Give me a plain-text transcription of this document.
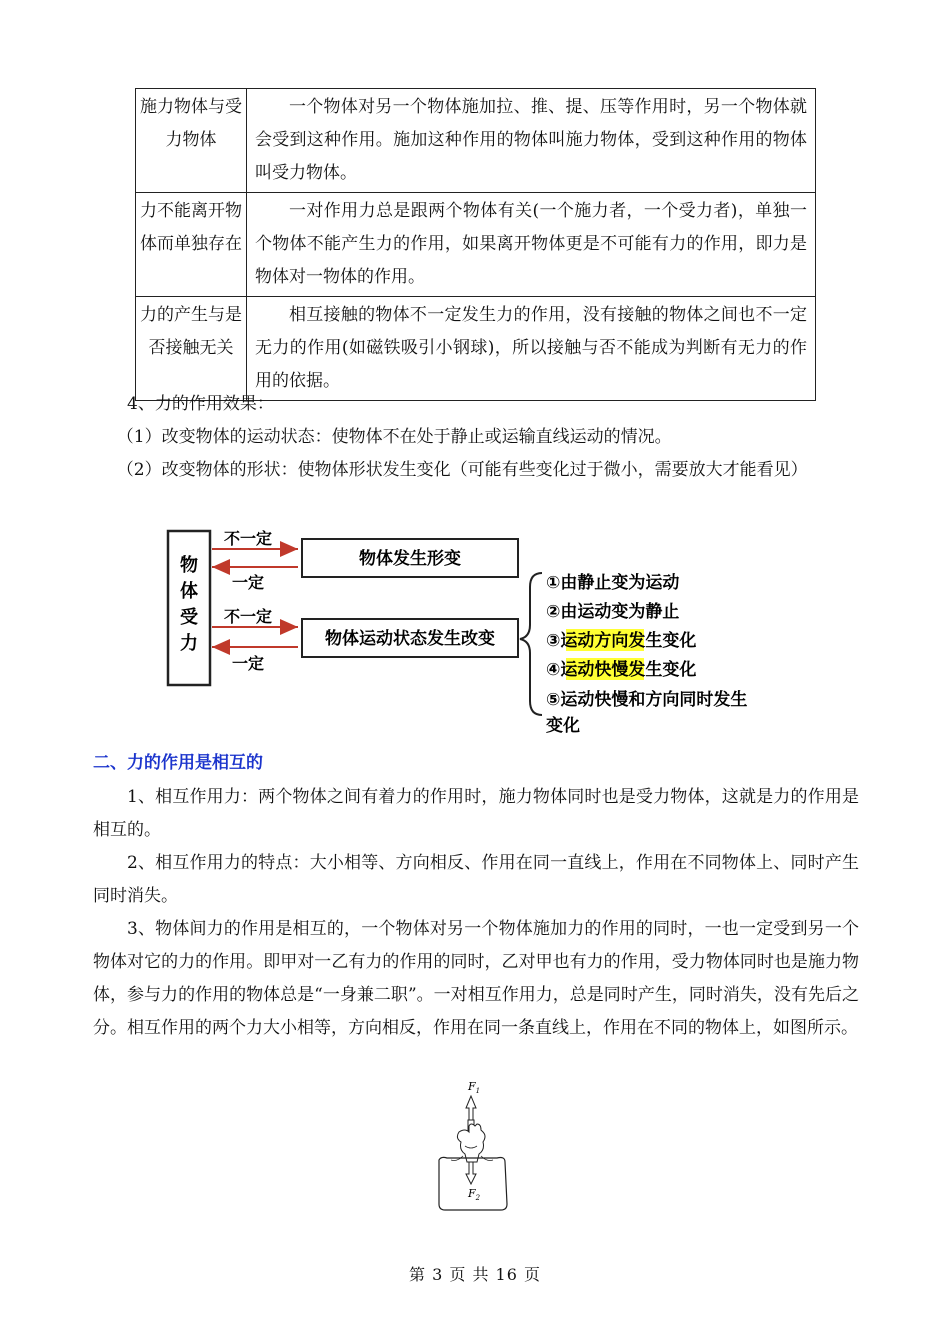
施力物体与受力物体	一个物体对另一个物体施加拉、推、提、压等作用时，另一个物体就会受到这种作用。施加这种作用的物体叫施力物体，受到这种作用的物体叫受力物体。
力不能离开物体而单独存在	一对作用力总是跟两个物体有关(一个施力者，一个受力者)，单独一个物体不能产生力的作用，如果离开物体更是不可能有力的作用，即力是物体对一物体的作用。
力的产生与是否接触无关	相互接触的物体不一定发生力的作用，没有接触的物体之间也不一定无力的作用(如磁铁吸引小钢球)，所以接触与否不能成为判断有无力的作用的依据。

4、力的作用效果：

（1）改变物体的运动状态：使物体不在处于静止或运输直线运动的情况。

（2）改变物体的形状：使物体形状发生变化（可能有些变化过于微小，需要放大才能看见）

物
体
受
力
不一定
一定
物体发生形变
不一定
一定
物体运动状态发生改变
①由静止变为运动
②由运动变为静止
③运动方向发生变化
④运动快慢发生变化
⑤运动快慢和方向同时发生
变化
二、力的作用是相互的

1、相互作用力：两个物体之间有着力的作用时，施力物体同时也是受力物体，这就是力的作用是相互的。

2、相互作用力的特点：大小相等、方向相反、作用在同一直线上，作用在不同物体上、同时产生同时消失。

3、物体间力的作用是相互的，一个物体对另一个物体施加力的作用的同时，一也一定受到另一个物体对它的力的作用。即甲对一乙有力的作用的同时，乙对甲也有力的作用，受力物体同时也是施力物体，参与力的作用的物体总是“一身兼二职”。一对相互作用力，总是同时产生，同时消失，没有先后之分。相互作用的两个力大小相等，方向相反，作用在同一条直线上，作用在不同的物体上，如图所示。

$F_1$
$F_2$
第 3 页 共 16 页
